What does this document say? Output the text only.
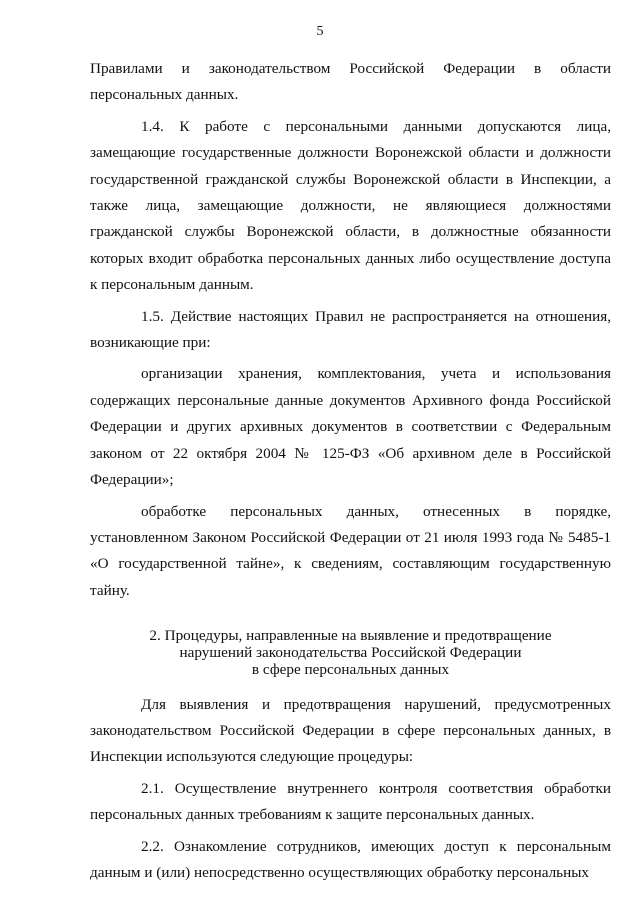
5

Правилами и законодательством Российской Федерации в области персональных данных.

1.4. К работе с персональными данными допускаются лица, замещающие государственные должности Воронежской области и должности государственной гражданской службы Воронежской области в Инспекции, а также лица, замещающие должности, не являющиеся должностями гражданской службы Воронежской области, в должностные обязанности которых входит обработка персональных данных либо осуществление доступа к персональным данным.

1.5. Действие настоящих Правил не распространяется на отношения, возникающие при:

организации хранения, комплектования, учета и использования содержащих персональные данные документов Архивного фонда Российской Федерации и других архивных документов в соответствии с Федеральным законом от 22 октября 2004 № 125-ФЗ «Об архивном деле в Российской Федерации»;

обработке персональных данных, отнесенных в порядке, установленном Законом Российской Федерации от 21 июля 1993 года № 5485-1 «О государственной тайне», к сведениям, составляющим государственную тайну.

2. Процедуры, направленные на выявление и предотвращение
нарушений законодательства Российской Федерации
в сфере персональных данных

Для выявления и предотвращения нарушений, предусмотренных законодательством Российской Федерации в сфере персональных данных, в Инспекции используются следующие процедуры:

2.1. Осуществление внутреннего контроля соответствия обработки персональных данных требованиям к защите персональных данных.

2.2. Ознакомление сотрудников, имеющих доступ к персональным данным и (или) непосредственно осуществляющих обработку персональных
